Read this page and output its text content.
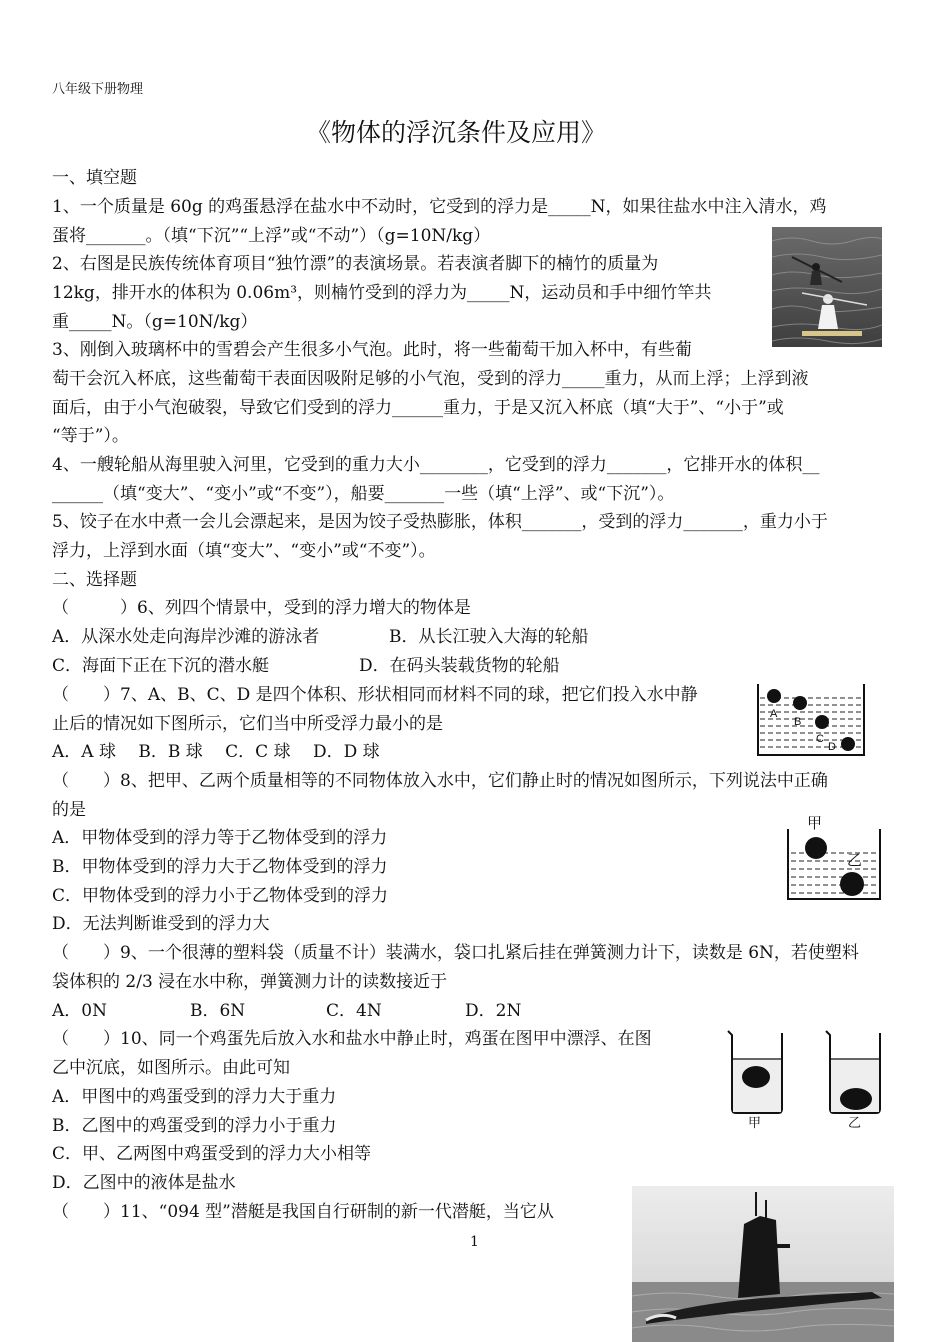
八年级下册物理
《物体的浮沉条件及应用》
一、填空题
1、一个质量是 60g 的鸡蛋悬浮在盐水中不动时，它受到的浮力是_____N，如果往盐水中注入清水，鸡
蛋将_______。（填“下沉”“上浮”或“不动”）（g=10N/kg）
2、右图是民族传统体育项目“独竹漂”的表演场景。若表演者脚下的楠竹的质量为
12kg，排开水的体积为 0.06m³，则楠竹受到的浮力为_____N，运动员和手中细竹竿共
重_____N。（g=10N/kg）
3、刚倒入玻璃杯中的雪碧会产生很多小气泡。此时，将一些葡萄干加入杯中，有些葡
萄干会沉入杯底，这些葡萄干表面因吸附足够的小气泡，受到的浮力_____重力，从而上浮；上浮到液
面后，由于小气泡破裂，导致它们受到的浮力______重力，于是又沉入杯底（填“大于”、“小于”或
“等于”）。
4、一艘轮船从海里驶入河里，它受到的重力大小________，它受到的浮力_______，它排开水的体积__
______（填“变大”、“变小”或“不变”），船要_______一些（填“上浮”、或“下沉”）。
5、饺子在水中煮一会儿会漂起来，是因为饺子受热膨胀，体积_______，受到的浮力_______，重力小于
浮力，上浮到水面（填“变大”、“变小”或“不变”）。
二、选择题
（　　　）6、列四个情景中，受到的浮力增大的物体是
A．从深水处走向海岸沙滩的游泳者	B．从长江驶入大海的轮船
C．海面下正在下沉的潜水艇	D．在码头装载货物的轮船
（　　）7、A、B、C、D 是四个体积、形状相同而材料不同的球，把它们投入水中静
止后的情况如下图所示，它们当中所受浮力最小的是
A．A 球　 B．B 球　 C．C 球　 D．D 球
A
B
C
D
（　　）8、把甲、乙两个质量相等的不同物体放入水中，它们静止时的情况如图所示，下列说法中正确
的是
A．甲物体受到的浮力等于乙物体受到的浮力
B．甲物体受到的浮力大于乙物体受到的浮力
C．甲物体受到的浮力小于乙物体受到的浮力
D．无法判断谁受到的浮力大
甲
乙
（　　）9、一个很薄的塑料袋（质量不计）装满水，袋口扎紧后挂在弹簧测力计下，读数是 6N，若使塑料
袋体积的 2/3 浸在水中称，弹簧测力计的读数接近于
A．0N	B．6N	C．4N	D．2N
（　　）10、同一个鸡蛋先后放入水和盐水中静止时，鸡蛋在图甲中漂浮、在图
乙中沉底，如图所示。由此可知
A．甲图中的鸡蛋受到的浮力大于重力
B．乙图中的鸡蛋受到的浮力小于重力
C．甲、乙两图中鸡蛋受到的浮力大小相等
D．乙图中的液体是盐水
甲	乙
（　　）11、“094 型”潜艇是我国自行研制的新一代潜艇，当它从
1
